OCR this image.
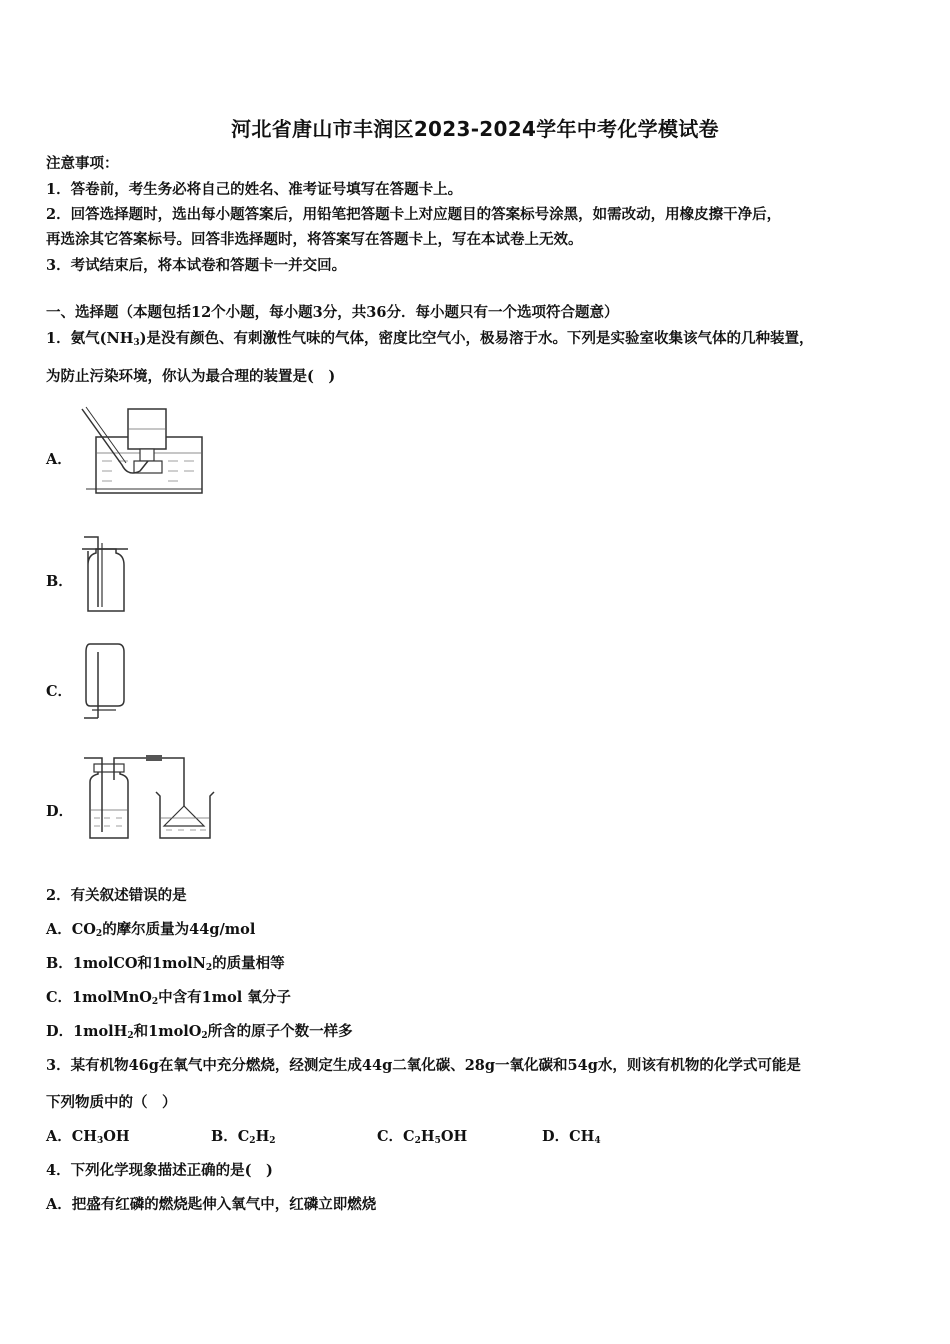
河北省唐山市丰润区2023-2024学年中考化学模试卷
注意事项：
1．答卷前，考生务必将自己的姓名、准考证号填写在答题卡上。
2．回答选择题时，选出每小题答案后，用铅笔把答题卡上对应题目的答案标号涂黑，如需改动，用橡皮擦干净后，
再选涂其它答案标号。回答非选择题时，将答案写在答题卡上，写在本试卷上无效。
3．考试结束后，将本试卷和答题卡一并交回。
一、选择题（本题包括12个小题，每小题3分，共36分．每小题只有一个选项符合题意）
1．氨气$(NH_3)$是没有颜色、有刺激性气味的气体，密度比空气小，极易溶于水。下列是实验室收集该气体的几种装置，
为防止污染环境，你认为最合理的装置是(　)
A．
B．
C．
D．
2．有关叙述错误的是
A．$CO_2$的摩尔质量为44g/mol
B．1molCO和1molN$_2$的质量相等
C．1molMnO$_2$中含有1mol 氧分子
D．1molH$_2$和1molO$_2$所含的原子个数一样多
3．某有机物46g在氧气中充分燃烧，经测定生成44g二氧化碳、28g一氧化碳和54g水，则该有机物的化学式可能是
下列物质中的（　）
A．$CH_3OH$	B．$C_2H_2$	C．$C_2H_5OH$	D．$CH_4$
4．下列化学现象描述正确的是(　)
A．把盛有红磷的燃烧匙伸入氧气中，红磷立即燃烧
